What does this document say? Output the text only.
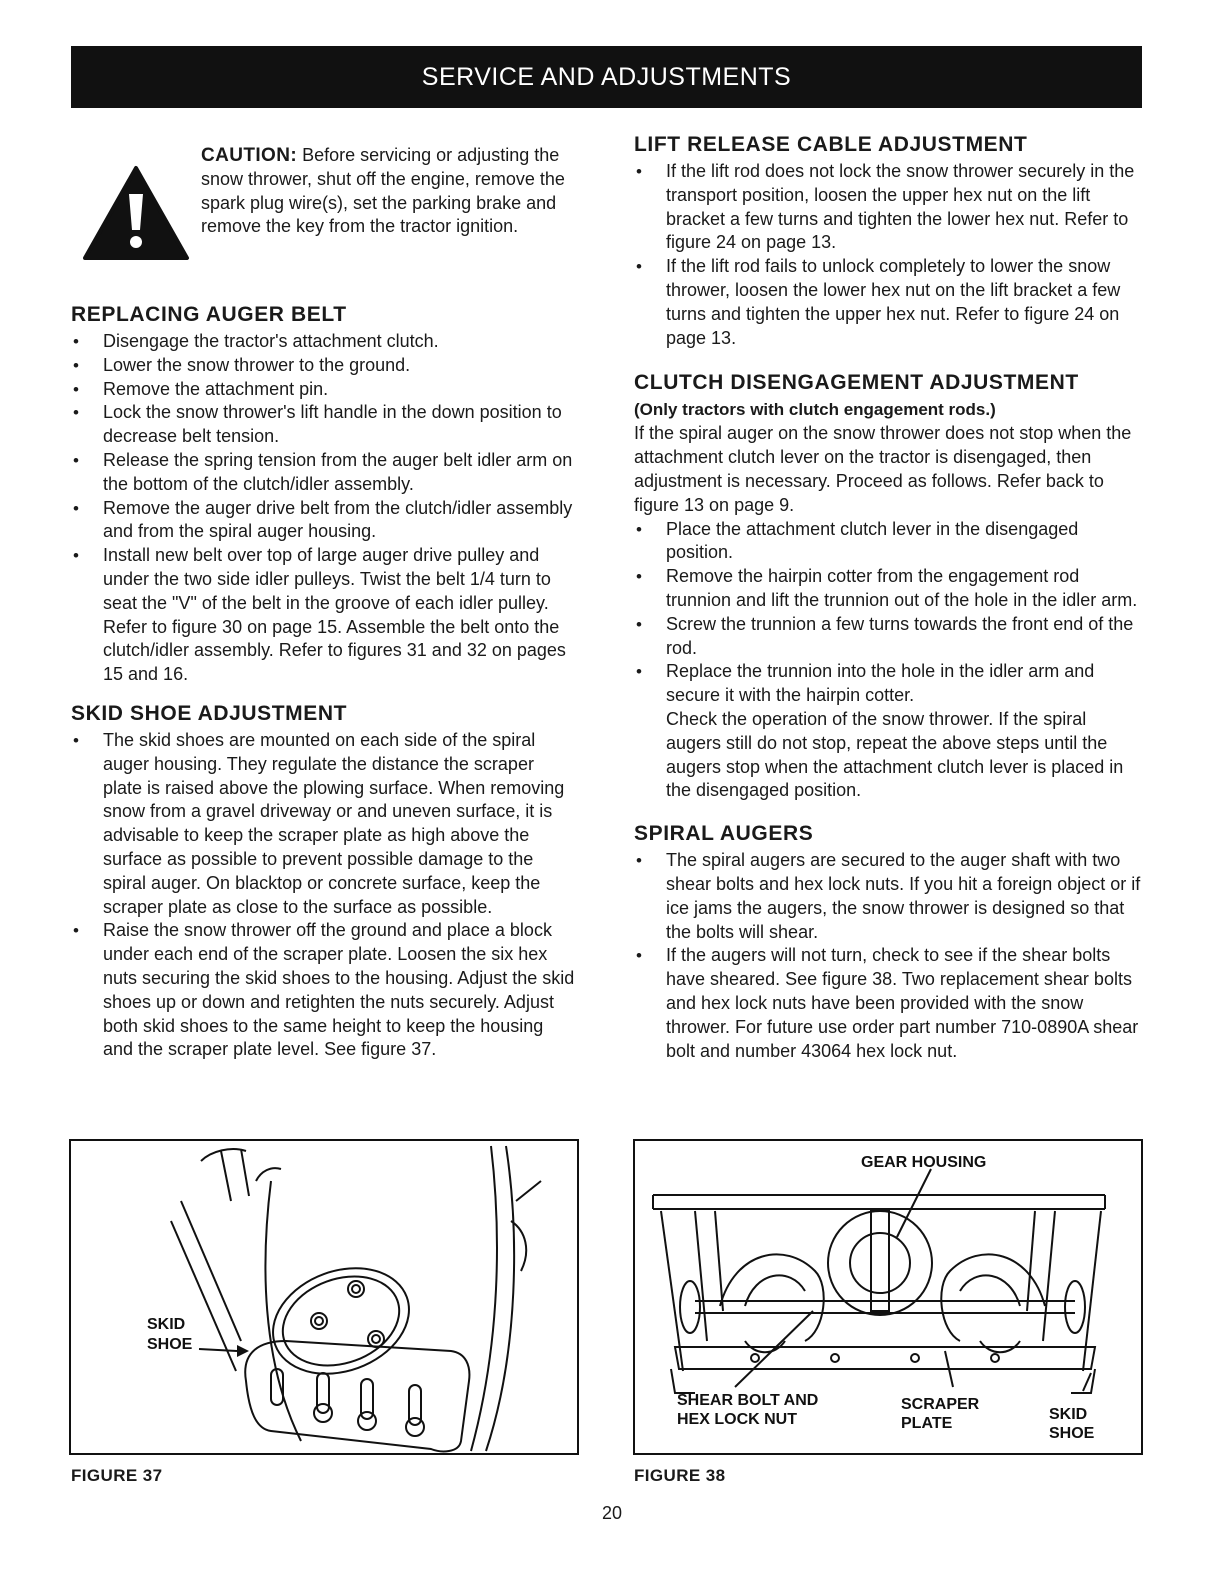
SERVICE AND ADJUSTMENTS

CAUTION: Before servicing or adjusting the snow thrower, shut off the engine, remove the spark plug wire(s), set the parking brake and remove the key from the tractor ignition.

REPLACING AUGER BELT
• Disengage the tractor's attachment clutch.
• Lower the snow thrower to the ground.
• Remove the attachment pin.
• Lock the snow thrower's lift handle in the down position to decrease belt tension.
• Release the spring tension from the auger belt idler arm on the bottom of the clutch/idler assembly.
• Remove the auger drive belt from the clutch/idler assembly and from the spiral auger housing.
• Install new belt over top of large auger drive pulley and under the two side idler pulleys. Twist the belt 1/4 turn to seat the "V" of the belt in the groove of each idler pulley. Refer to figure 30 on page 15. Assemble the belt onto the clutch/idler assembly. Refer to figures 31 and 32 on pages 15 and 16.
SKID SHOE ADJUSTMENT
• The skid shoes are mounted on each side of the spiral auger housing. They regulate the distance the scraper plate is raised above the plowing surface. When removing snow from a gravel driveway or and uneven surface, it is advisable to keep the scraper plate as high above the surface as possible to prevent possible damage to the spiral auger. On blacktop or concrete surface, keep the scraper plate as close to the surface as possible.
• Raise the snow thrower off the ground and place a block under each end of the scraper plate. Loosen the six hex nuts securing the skid shoes to the housing. Adjust the skid shoes up or down and retighten the nuts securely. Adjust both skid shoes to the same height to keep the housing and the scraper plate level. See figure 37.
LIFT RELEASE CABLE ADJUSTMENT
• If the lift rod does not lock the snow thrower securely in the transport position, loosen the upper hex nut on the lift bracket a few turns and tighten the lower hex nut. Refer to figure 24 on page 13.
• If the lift rod fails to unlock completely to lower the snow thrower, loosen the lower hex nut on the lift bracket a few turns and tighten the upper hex nut. Refer to figure 24 on page 13.
CLUTCH DISENGAGEMENT ADJUSTMENT
(Only tractors with clutch engagement rods.)

If the spiral auger on the snow thrower does not stop when the attachment clutch lever on the tractor is disengaged, then adjustment is necessary. Proceed as follows. Refer back to figure 13 on page 9.

• Place the attachment clutch lever in the disengaged position.
• Remove the hairpin cotter from the engagement rod trunnion and lift the trunnion out of the hole in the idler arm.
• Screw the trunnion a few turns towards the front end of the rod.
• Replace the trunnion into the hole in the idler arm and secure it with the hairpin cotter.

Check the operation of the snow thrower. If the spiral augers still do not stop, repeat the above steps until the augers stop when the attachment clutch lever is placed in the disengaged position.

SPIRAL AUGERS
• The spiral augers are secured to the auger shaft with two shear bolts and hex lock nuts. If you hit a foreign object or if ice jams the augers, the snow thrower is designed so that the bolts will shear.
• If the augers will not turn, check to see if the shear bolts have sheared. See figure 38. Two replacement shear bolts and hex lock nuts have been provided with the snow thrower. For future use order part number 710-0890A shear bolt and number 43064 hex lock nut.
SKID
SHOE
GEAR HOUSING
SHEAR BOLT AND
HEX LOCK NUT
SCRAPER
PLATE
SKID
SHOE
FIGURE 37	FIGURE 38
20
